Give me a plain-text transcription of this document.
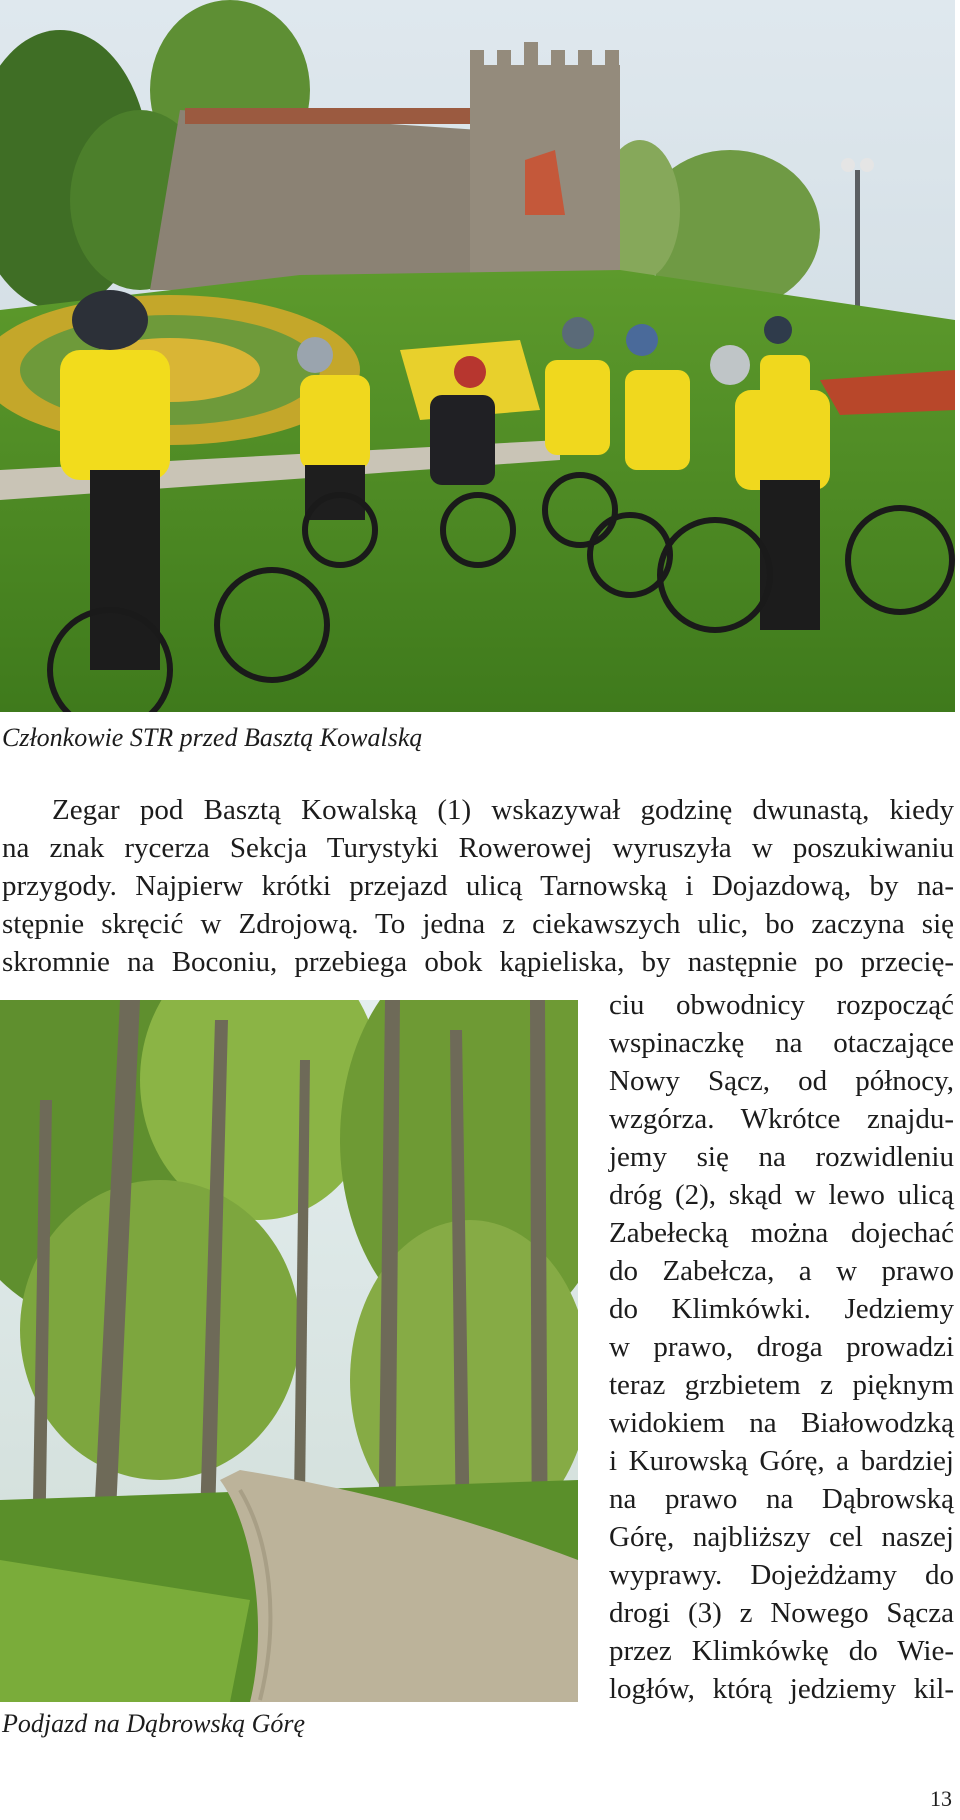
Członkowie STR przed Basztą Kowalską
Zegar pod Basztą Kowalską (1) wskazywał godzinę dwunastą, kiedy
na znak rycerza Sekcja Turystyki Rowerowej wyruszyła w poszukiwaniu
przygody. Najpierw krótki przejazd ulicą Tarnowską i Dojazdową, by na-
stępnie skręcić w Zdrojową. To jedna z ciekawszych ulic, bo zaczyna się
skromnie na Boconiu, przebiega obok kąpieliska, by następnie po przecię-
ciu obwodnicy rozpocząć
wspinaczkę na otaczające
Nowy Sącz, od północy,
wzgórza. Wkrótce znajdu-
jemy się na rozwidleniu
dróg (2), skąd w lewo ulicą
Zabełecką można dojechać
do Zabełcza, a w prawo
do Klimkówki. Jedziemy
w prawo, droga prowadzi
teraz grzbietem z pięknym
widokiem na Białowodzką
i Kurowską Górę, a bardziej
na prawo na Dąbrowską
Górę, najbliższy cel naszej
wyprawy. Dojeżdżamy do
drogi (3) z Nowego Sącza
przez Klimkówkę do Wie-
logłów, którą jedziemy kil-
Podjazd na Dąbrowską Górę
13
